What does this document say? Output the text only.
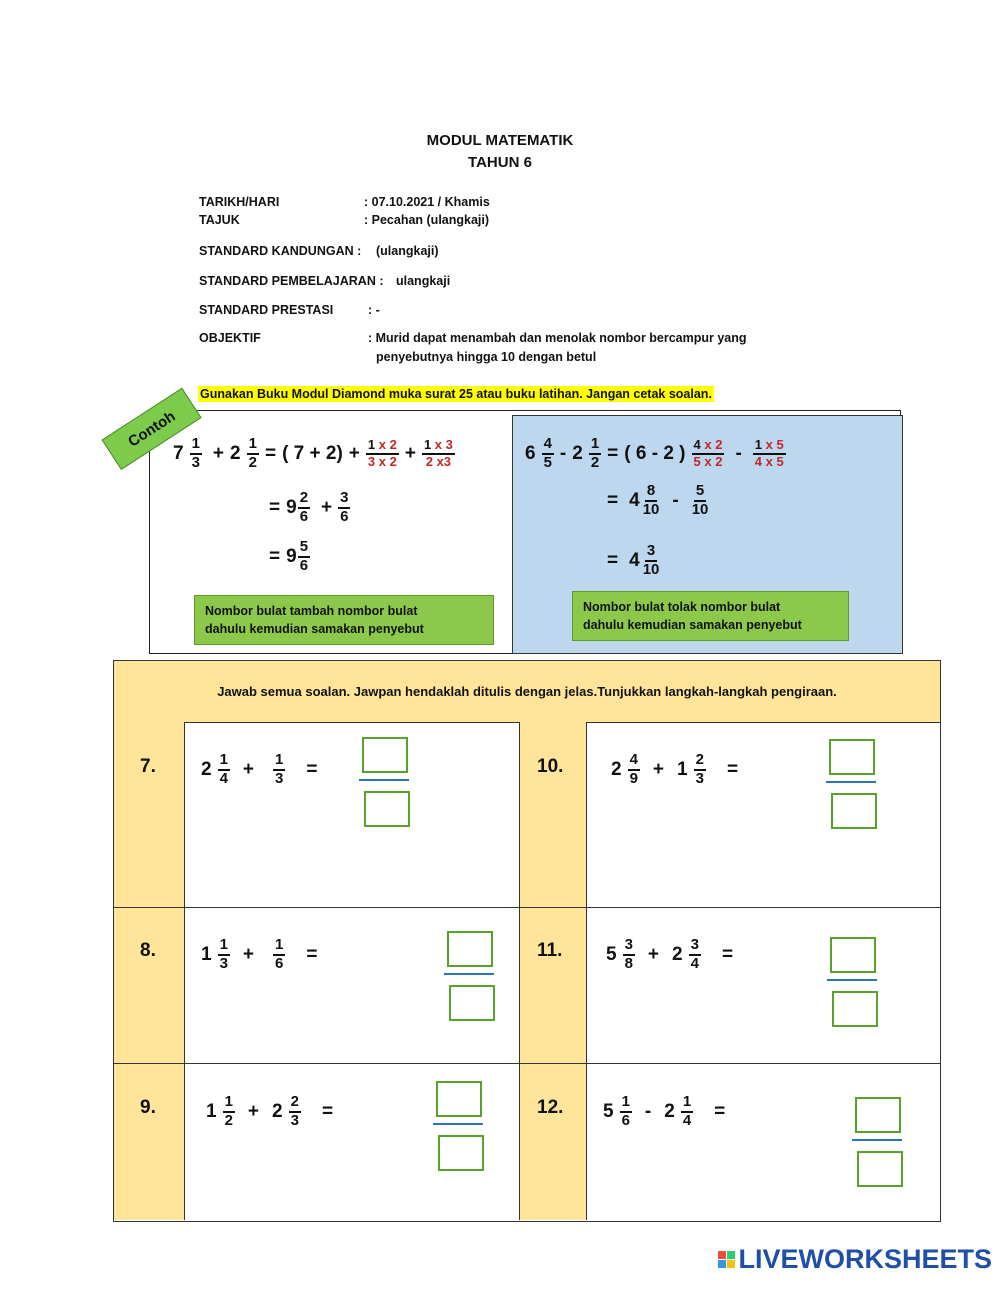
MODUL MATEMATIK
TAHUN 6
TARIKH/HARI	: 07.10.2021 / Khamis
TAJUK	: Pecahan (ulangkaji)
STANDARD KANDUNGAN : (ulangkaji)
STANDARD PEMBELAJARAN : ulangkaji
STANDARD PRESTASI	: -
OBJEKTIF	: Murid dapat menambah dan menolak nombor bercampur yang
penyebutnya hingga 10 dengan betul
Gunakan Buku Modul Diamond muka surat 25 atau buku latihan. Jangan cetak soalan.
Contoh
$7 \frac{1}{3} + 2 \frac{1}{2}$ = ( $7 + 2) + \frac{1 x 2}{3 x 2} + \frac{1 x 3}{2 x3}$
= $9 \frac{2}{6} + \frac{3}{6}$
= $9 \frac{5}{6}$
Nombor bulat tambah nombor bulat
dahulu kemudian samakan penyebut
$6 \frac{4}{5} - 2 \frac{1}{2}$ = ( 6 - 2 ) $\frac{4 x 2}{5 x 2} - \frac{1 x 5}{4 x 5}$
= $4 \frac{8}{10} - \frac{5}{10}$
= $4 \frac{3}{10}$
Nombor bulat tolak nombor bulat
dahulu kemudian samakan penyebut
Jawab semua soalan. Jawpan hendaklah ditulis dengan jelas.Tunjukkan langkah-langkah pengiraan.
7. $2 \frac{1}{4} + \frac{1}{3}$ =	10.	$2 \frac{4}{9} + 1 \frac{2}{3}$ =
8. $1 \frac{1}{3} + \frac{1}{6}$ =	11. $5 \frac{3}{8} + 2 \frac{3}{4}$ =
9.	$1 \frac{1}{2} + 2 \frac{2}{3}$ =	12. $5 \frac{1}{6} - 2 \frac{1}{4}$ =
LIVEWORKSHEETS
